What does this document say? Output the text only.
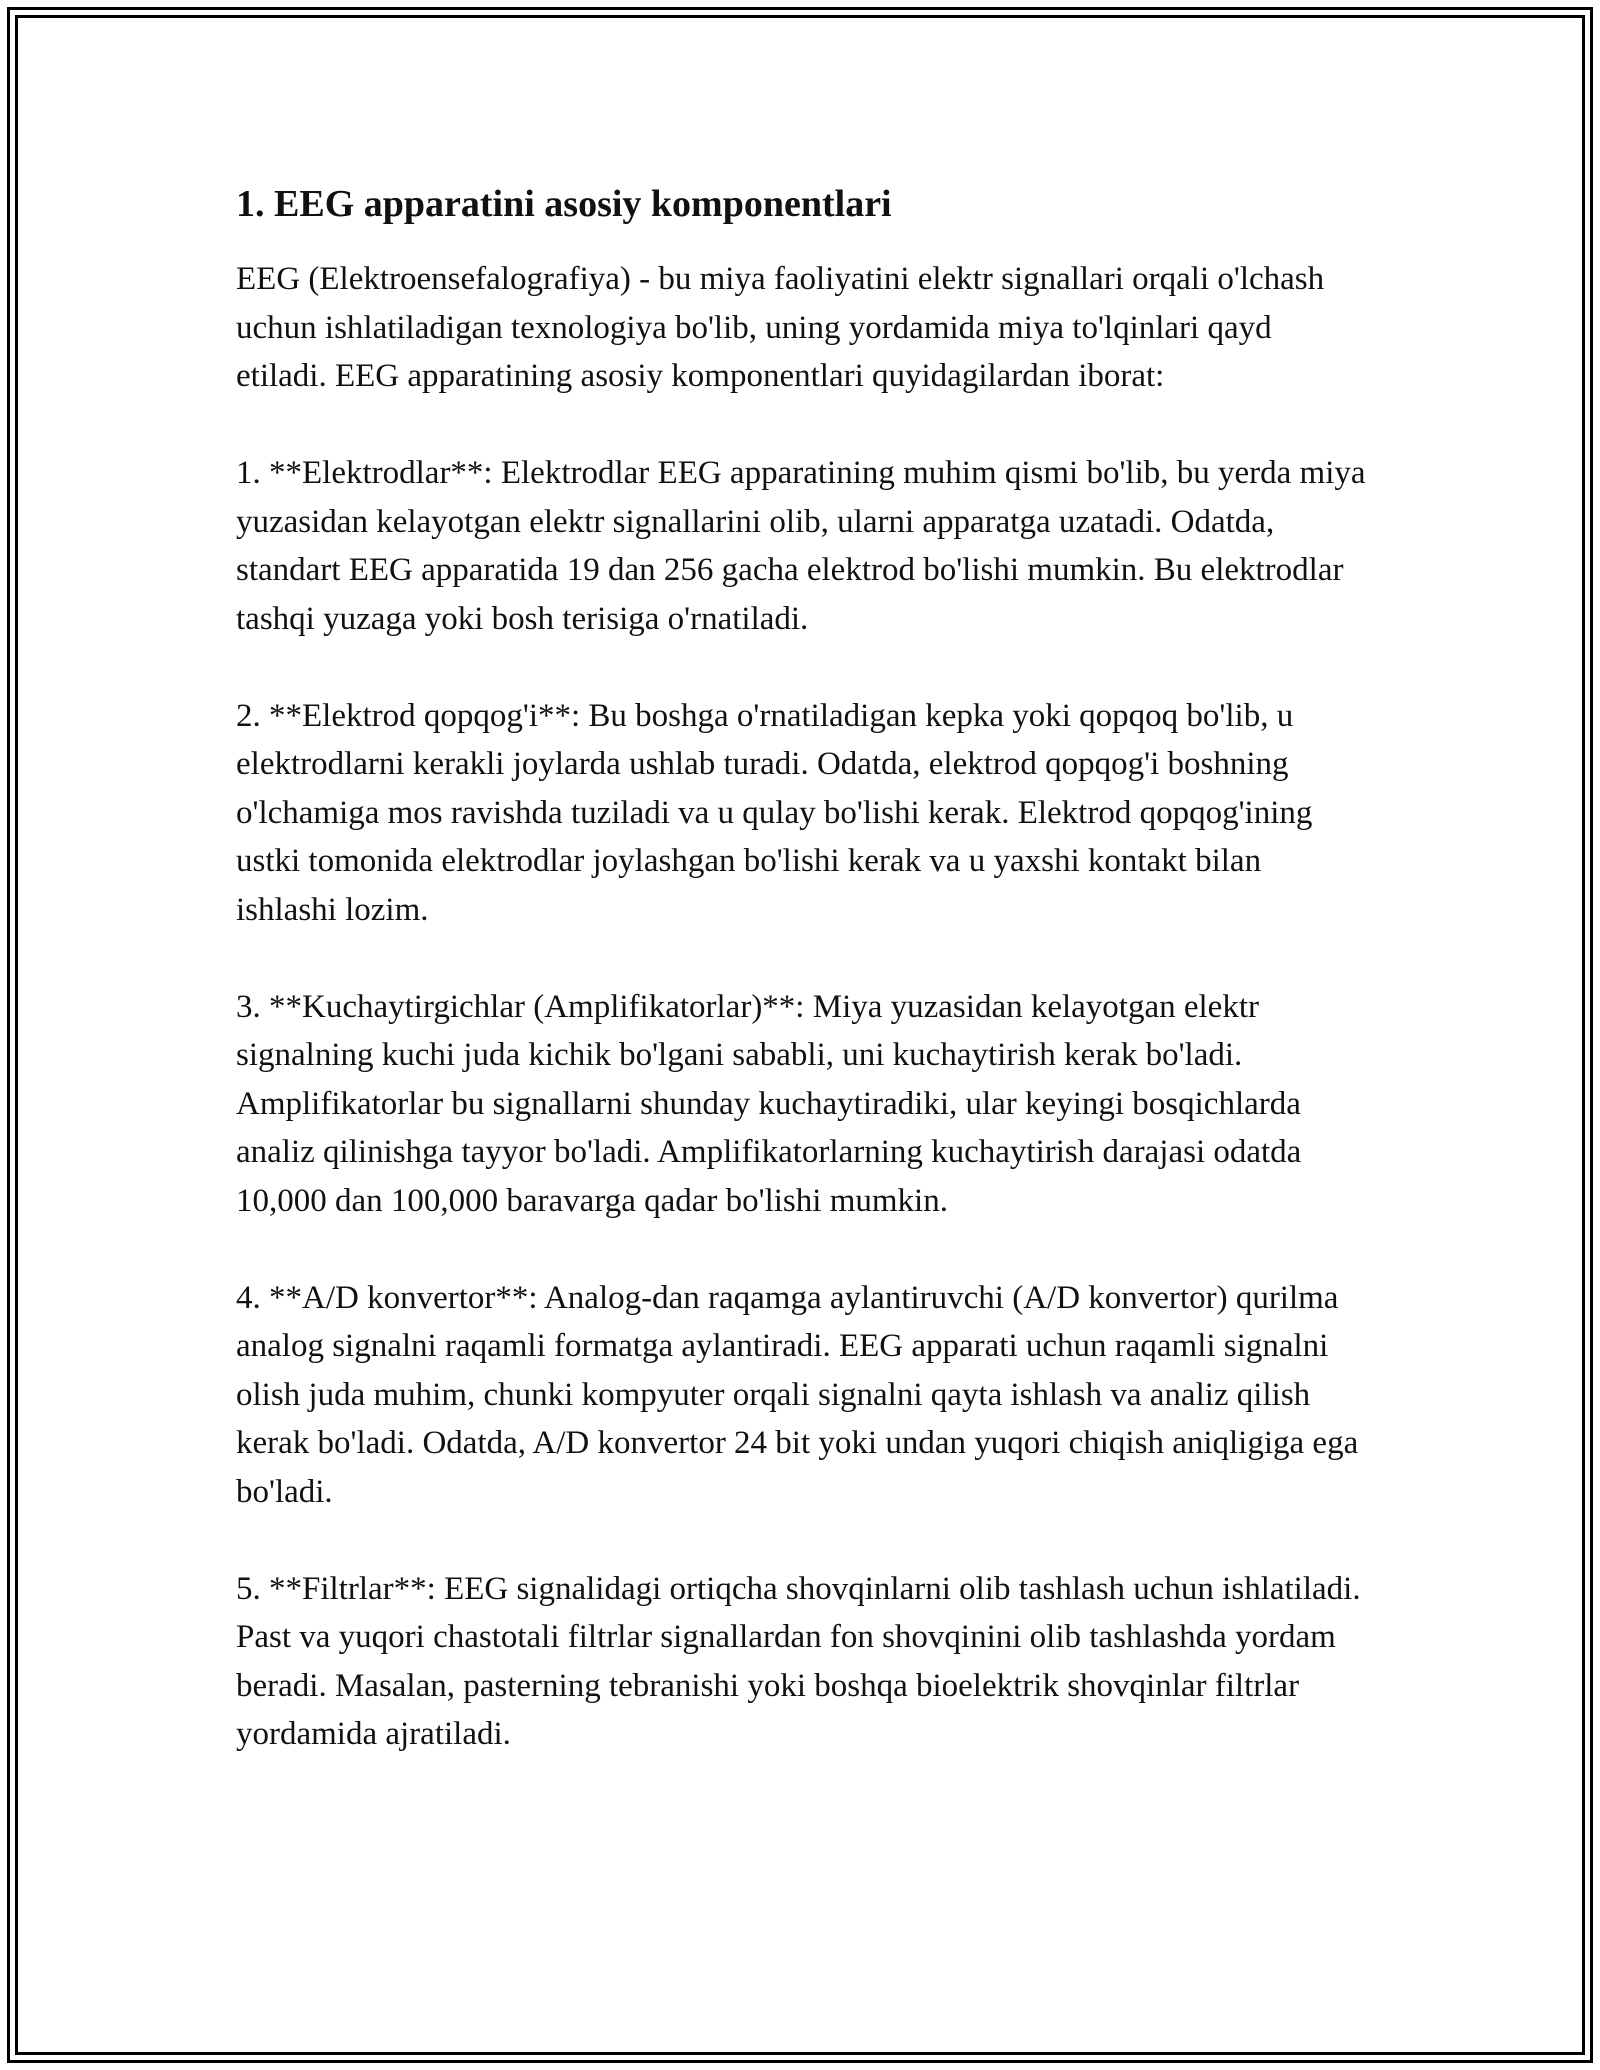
1. EEG apparatini asosiy komponentlari

EEG (Elektroensefalografiya) - bu miya faoliyatini elektr signallari orqali o'lchash uchun ishlatiladigan texnologiya bo'lib, uning yordamida miya to'lqinlari qayd etiladi. EEG apparatining asosiy komponentlari quyidagilardan iborat:

1. **Elektrodlar**: Elektrodlar EEG apparatining muhim qismi bo'lib, bu yerda miya yuzasidan kelayotgan elektr signallarini olib, ularni apparatga uzatadi. Odatda, standart EEG apparatida 19 dan 256 gacha elektrod bo'lishi mumkin. Bu elektrodlar tashqi yuzaga yoki bosh terisiga o'rnatiladi.

2. **Elektrod qopqog'i**: Bu boshga o'rnatiladigan kepka yoki qopqoq bo'lib, u elektrodlarni kerakli joylarda ushlab turadi. Odatda, elektrod qopqog'i boshning o'lchamiga mos ravishda tuziladi va u qulay bo'lishi kerak. Elektrod qopqog'ining ustki tomonida elektrodlar joylashgan bo'lishi kerak va u yaxshi kontakt bilan ishlashi lozim.

3. **Kuchaytirgichlar (Amplifikatorlar)**: Miya yuzasidan kelayotgan elektr signalning kuchi juda kichik bo'lgani sababli, uni kuchaytirish kerak bo'ladi. Amplifikatorlar bu signallarni shunday kuchaytiradiki, ular keyingi bosqichlarda analiz qilinishga tayyor bo'ladi. Amplifikatorlarning kuchaytirish darajasi odatda 10,000 dan 100,000 baravarga qadar bo'lishi mumkin.

4. **A/D konvertor**: Analog-dan raqamga aylantiruvchi (A/D konvertor) qurilma analog signalni raqamli formatga aylantiradi. EEG apparati uchun raqamli signalni olish juda muhim, chunki kompyuter orqali signalni qayta ishlash va analiz qilish kerak bo'ladi. Odatda, A/D konvertor 24 bit yoki undan yuqori chiqish aniqligiga ega bo'ladi.

5. **Filtrlar**: EEG signalidagi ortiqcha shovqinlarni olib tashlash uchun ishlatiladi. Past va yuqori chastotali filtrlar signallardan fon shovqinini olib tashlashda yordam beradi. Masalan, pasterning tebranishi yoki boshqa bioelektrik shovqinlar filtrlar yordamida ajratiladi.
